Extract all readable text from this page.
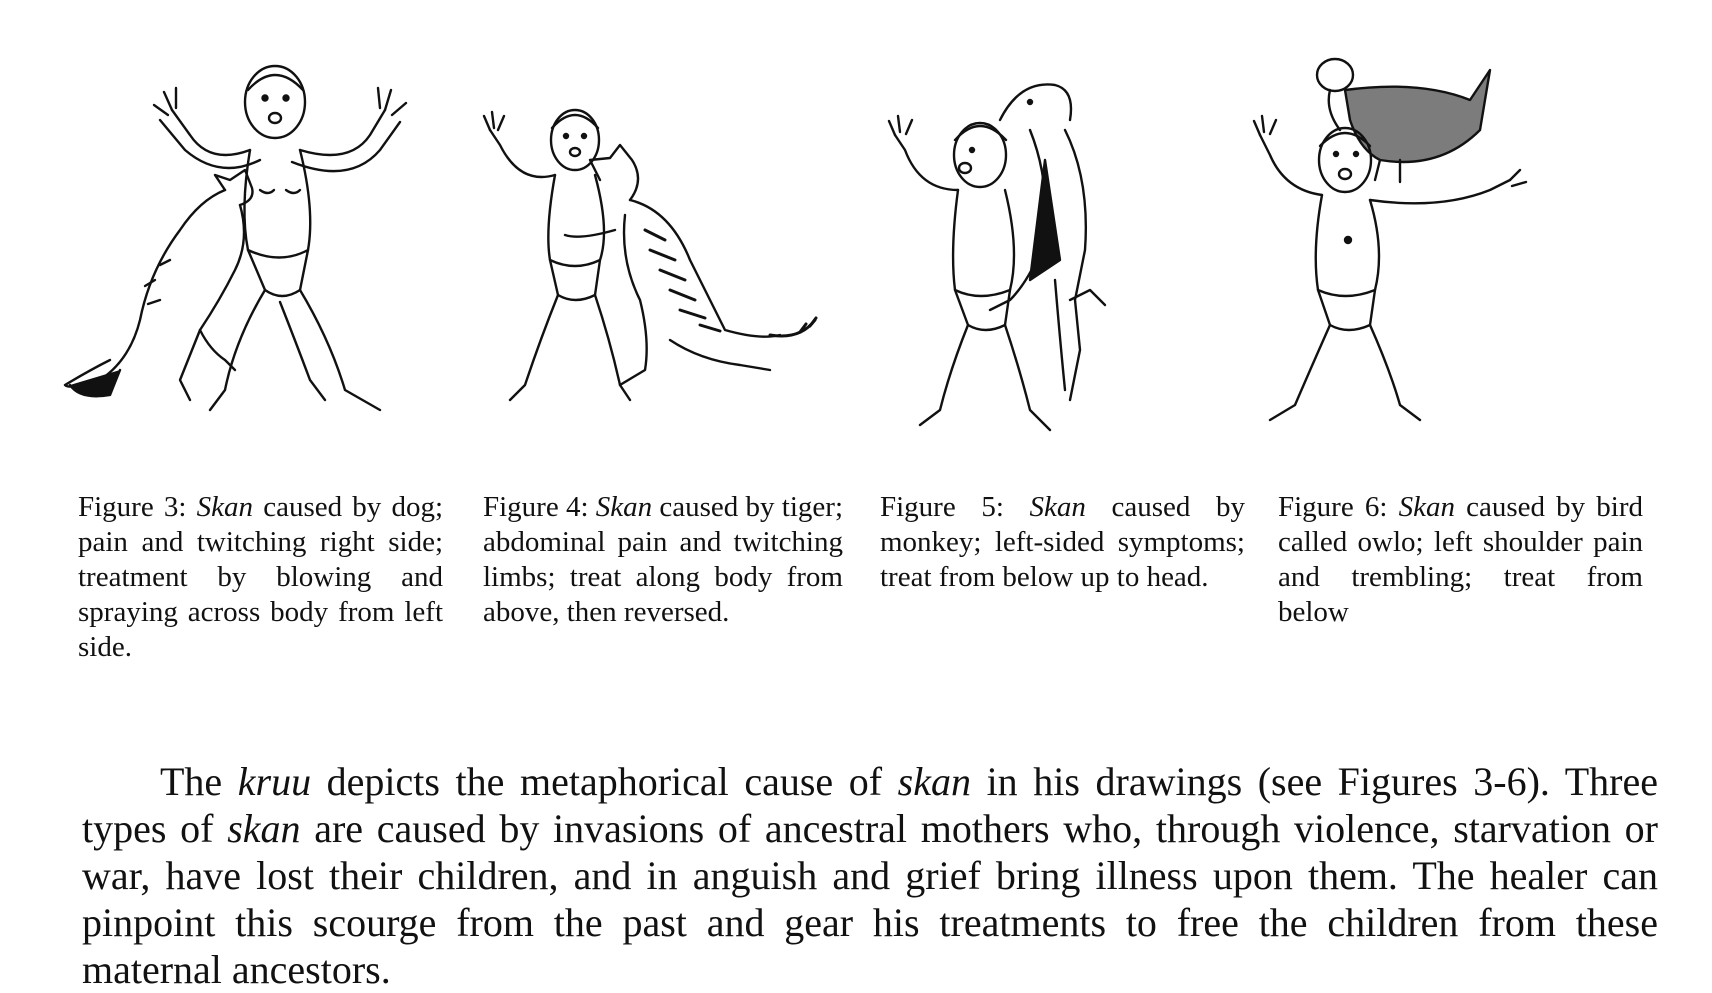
Figure 3: Skan caused by dog; pain and twitching right side; treatment by blowing and spraying across body from left side.

Figure 4: Skan caused by tiger; abdominal pain and twitching limbs; treat along body from above, then reversed.

Figure 5: Skan caused by monkey; left-sided symptoms; treat from below up to head.

Figure 6: Skan caused by bird called owlo; left shoulder pain and trembling; treat from below

The kruu depicts the metaphorical cause of skan in his drawings (see Figures 3-6). Three types of skan are caused by invasions of ancestral mothers who, through violence, starvation or war, have lost their children, and in anguish and grief bring illness upon them. The healer can pinpoint this scourge from the past and gear his treatments to free the children from these maternal ancestors.
